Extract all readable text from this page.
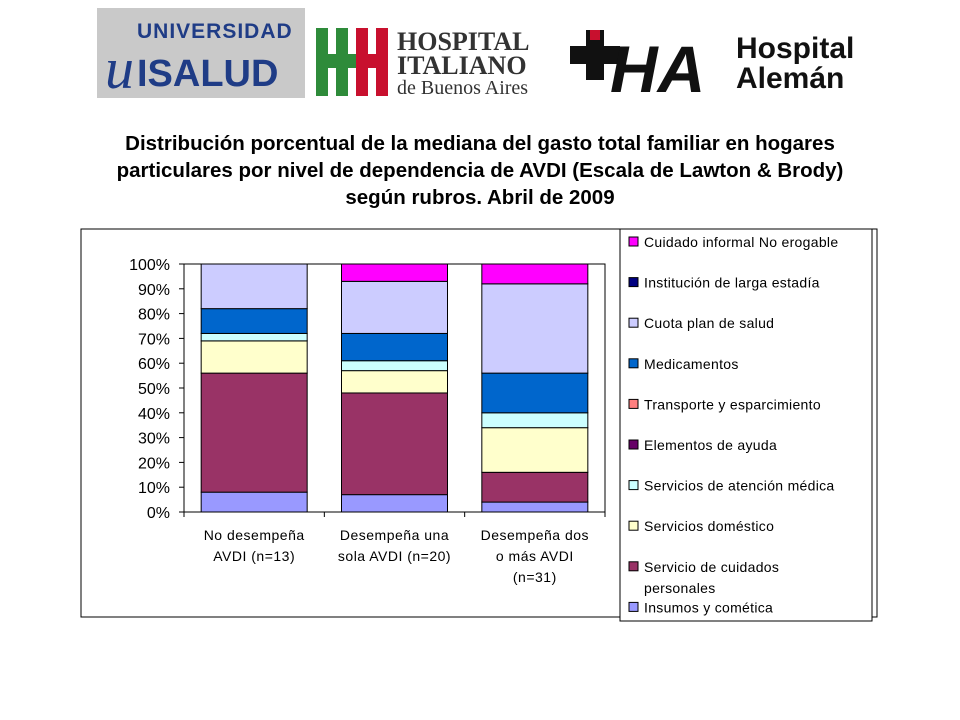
UNIVERSIDAD
u ISALUD
HOSPITAL
ITALIANO
de Buenos Aires HA Hospital
Alemán
Distribución porcentual de la mediana del gasto total familiar en hogares
particulares por nivel de dependencia de AVDI (Escala de Lawton & Brody)
según rubros. Abril de 2009
0%
10%
20%
30%
40%
50%
60%
70%
80%
90%
100%
No desempeña
AVDI (n=13)
Desempeña una
sola AVDI (n=20)
Desempeña dos
o más AVDI
(n=31)
Cuidado informal No erogable
Institución de larga estadía
Cuota plan de salud
Medicamentos
Transporte y esparcimiento
Elementos de ayuda
Servicios de atención médica
Servicios doméstico
Servicio de cuidados
personales
Insumos y comética
